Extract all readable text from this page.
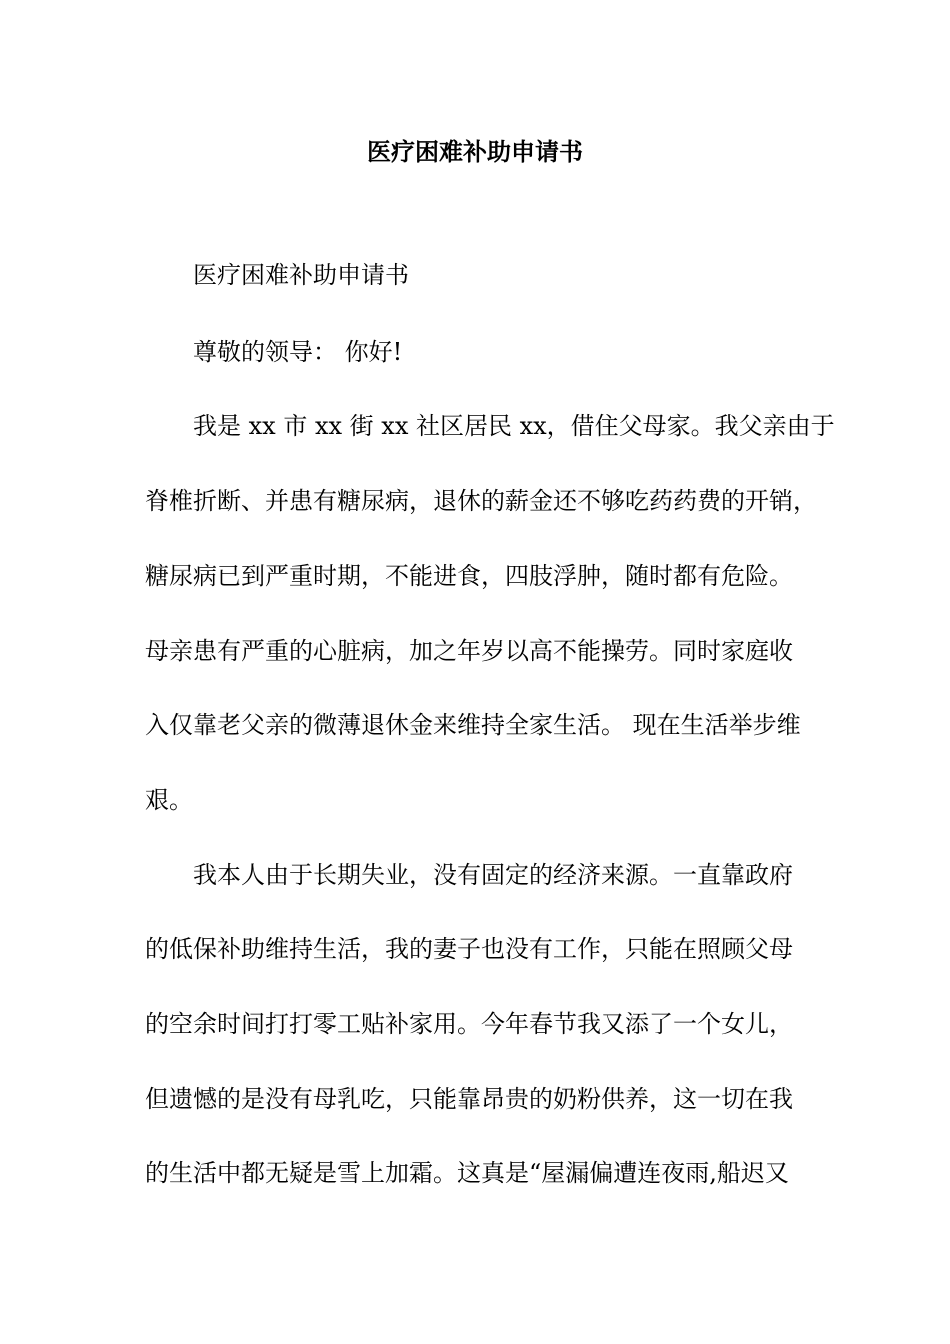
医疗困难补助申请书
医疗困难补助申请书
尊敬的领导： 你好!
我是 xx 市 xx 街 xx 社区居民 xx，借住父母家。我父亲由于
脊椎折断、并患有糖尿病，退休的薪金还不够吃药药费的开销，
糖尿病已到严重时期，不能进食，四肢浮肿，随时都有危险。
母亲患有严重的心脏病，加之年岁以高不能操劳。同时家庭收
入仅靠老父亲的微薄退休金来维持全家生活。 现在生活举步维
艰。
我本人由于长期失业，没有固定的经济来源。一直靠政府
的低保补助维持生活，我的妻子也没有工作，只能在照顾父母
的空余时间打打零工贴补家用。今年春节我又添了一个女儿，
但遗憾的是没有母乳吃，只能靠昂贵的奶粉供养，这一切在我
的生活中都无疑是雪上加霜。这真是“屋漏偏遭连夜雨,船迟又
